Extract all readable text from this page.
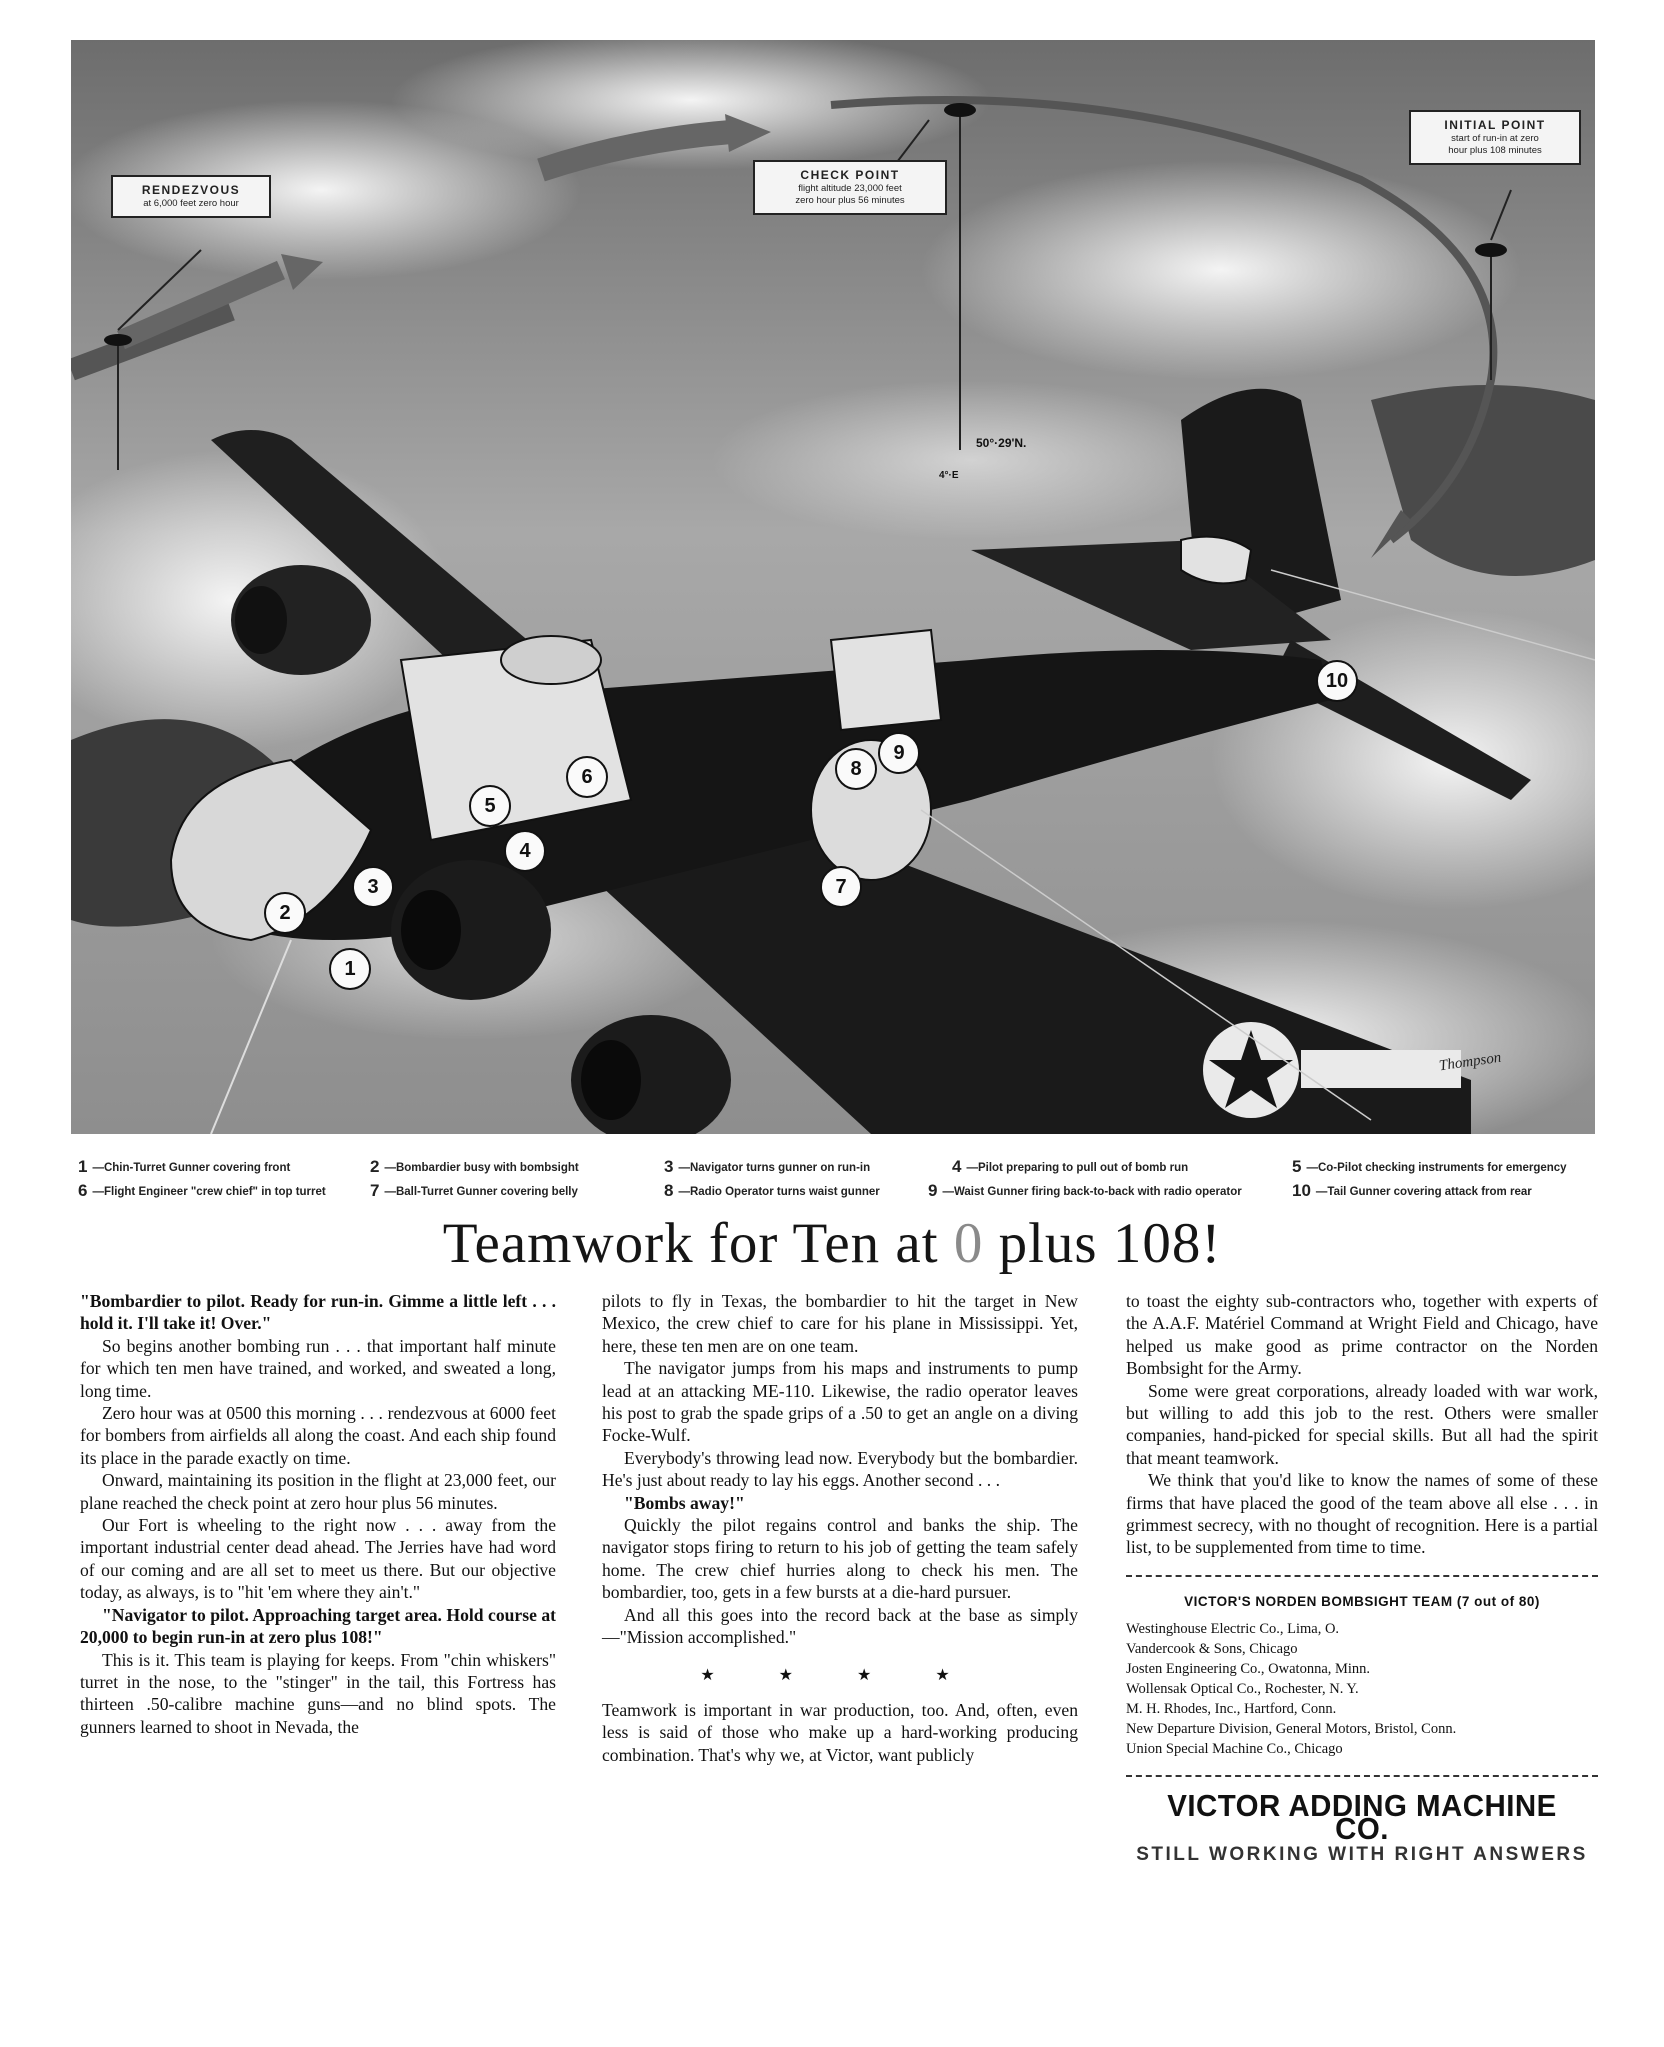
RENDEZVOUS
at 6,000 feet zero hour
CHECK POINT
flight altitude 23,000 feet
zero hour plus 56 minutes
INITIAL POINT
start of run-in at zero
hour plus 108 minutes
50°·29'N.
4°·E
1
2
3
4
5
6
7
8
9
10
Thompson
1 —Chin-Turret Gunner covering front	2 —Bombardier busy with bombsight	3 —Navigator turns gunner on run-in	4 —Pilot preparing to pull out of bomb run	5 —Co-Pilot checking instruments for emergency
6 —Flight Engineer "crew chief" in top turret	7 —Ball-Turret Gunner covering belly	8 —Radio Operator turns waist gunner	9 —Waist Gunner firing back-to-back with radio operator	10 —Tail Gunner covering attack from rear
Teamwork for Ten at 0 plus 108!

"Bombardier to pilot. Ready for run-in. Gimme a little left . . . hold it. I'll take it! Over."

So begins another bombing run . . . that important half minute for which ten men have trained, and worked, and sweated a long, long time.

Zero hour was at 0500 this morning . . . rendezvous at 6000 feet for bombers from airfields all along the coast. And each ship found its place in the parade exactly on time.

Onward, maintaining its position in the flight at 23,000 feet, our plane reached the check point at zero hour plus 56 minutes.

Our Fort is wheeling to the right now . . . away from the important industrial center dead ahead. The Jerries have had word of our coming and are all set to meet us there. But our objective today, as always, is to "hit 'em where they ain't."

"Navigator to pilot. Approaching target area. Hold course at 20,000 to begin run-in at zero plus 108!"

This is it. This team is playing for keeps. From "chin whiskers" turret in the nose, to the "stinger" in the tail, this Fortress has thirteen .50-calibre machine guns—and no blind spots. The gunners learned to shoot in Nevada, the

pilots to fly in Texas, the bombardier to hit the target in New Mexico, the crew chief to care for his plane in Mississippi. Yet, here, these ten men are on one team.

The navigator jumps from his maps and instruments to pump lead at an attacking ME-110. Likewise, the radio operator leaves his post to grab the spade grips of a .50 to get an angle on a diving Focke-Wulf.

Everybody's throwing lead now. Everybody but the bombardier. He's just about ready to lay his eggs. Another second . . .

"Bombs away!"

Quickly the pilot regains control and banks the ship. The navigator stops firing to return to his job of getting the team safely home. The crew chief hurries along to check his men. The bombardier, too, gets in a few bursts at a die-hard pursuer.

And all this goes into the record back at the base as simply—"Mission accomplished."

★ ★ ★ ★

Teamwork is important in war production, too. And, often, even less is said of those who make up a hard-working producing combination. That's why we, at Victor, want publicly

to toast the eighty sub-contractors who, together with experts of the A.A.F. Matériel Command at Wright Field and Chicago, have helped us make good as prime contractor on the Norden Bombsight for the Army.

Some were great corporations, already loaded with war work, but willing to add this job to the rest. Others were smaller companies, hand-picked for special skills. But all had the spirit that meant teamwork.

We think that you'd like to know the names of some of these firms that have placed the good of the team above all else . . . in grimmest secrecy, with no thought of recognition. Here is a partial list, to be supplemented from time to time.

VICTOR'S NORDEN BOMBSIGHT TEAM (7 out of 80)
Westinghouse Electric Co., Lima, O.
Vandercook & Sons, Chicago
Josten Engineering Co., Owatonna, Minn.
Wollensak Optical Co., Rochester, N. Y.
M. H. Rhodes, Inc., Hartford, Conn.
New Departure Division, General Motors, Bristol, Conn.
Union Special Machine Co., Chicago
VICTOR ADDING MACHINE CO.
STILL WORKING WITH RIGHT ANSWERS
